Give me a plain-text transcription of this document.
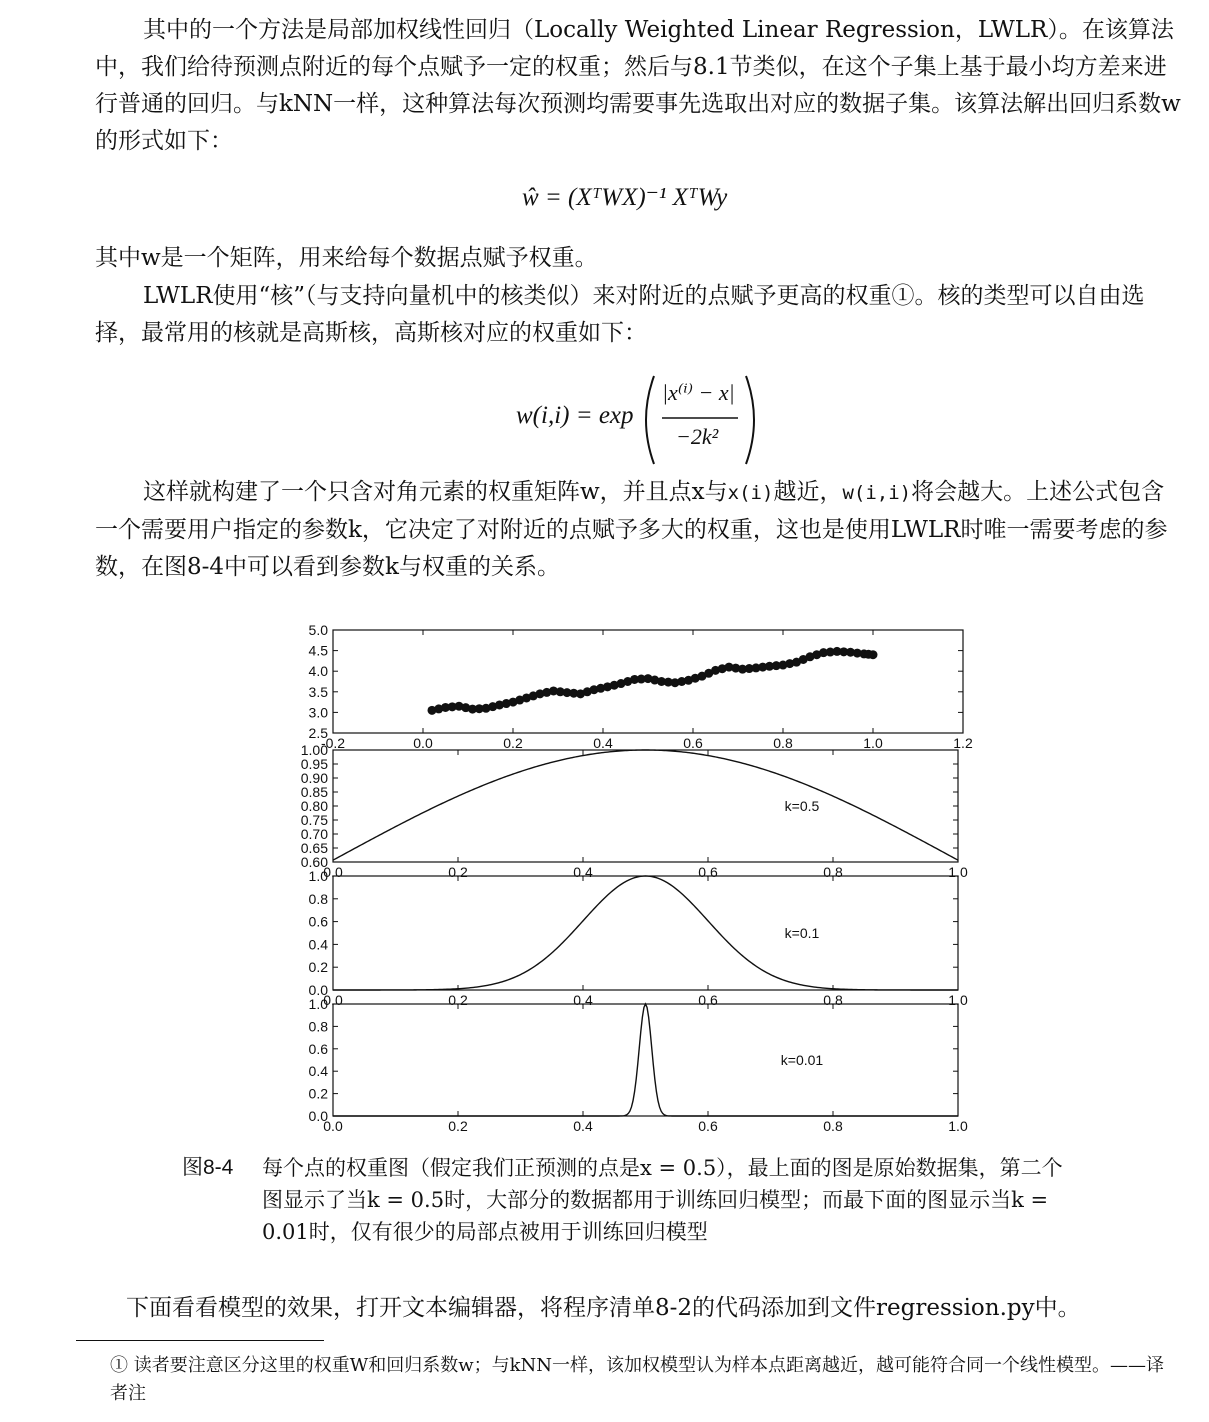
其中的一个方法是局部加权线性回归（Locally Weighted Linear Regression，LWLR）。在该算法中，我们给待预测点附近的每个点赋予一定的权重；然后与8.1节类似，在这个子集上基于最小均方差来进行普通的回归。与kNN一样，这种算法每次预测均需要事先选取出对应的数据子集。该算法解出回归系数w的形式如下：

ŵ = (XᵀWX)⁻¹ XᵀWy

其中w是一个矩阵，用来给每个数据点赋予权重。

LWLR使用“核”（与支持向量机中的核类似）来对附近的点赋予更高的权重①。核的类型可以自由选择，最常用的核就是高斯核，高斯核对应的权重如下：

w(i,i) = exp
|x⁽ⁱ⁾ − x|
−2k²

这样就构建了一个只含对角元素的权重矩阵w，并且点x与x(i)越近，w(i,i)将会越大。上述公式包含一个需要用户指定的参数k，它决定了对附近的点赋予多大的权重，这也是使用LWLR时唯一需要考虑的参数，在图8-4中可以看到参数k与权重的关系。

-0.2	0.0	0.2	0.4	0.6	0.8	1.0	1.2
2.5
3.0
3.5
4.0
4.5
5.0
0.0	0.2	0.4	0.6	0.8	1.0
0.60
0.65
0.70
0.75
0.80
0.85
0.90
0.95
1.00
k=0.5
0.0	0.2	0.4	0.6	0.8	1.0
0.0
0.2
0.4
0.6
0.8
1.0
k=0.1
0.0	0.2	0.4	0.6	0.8	1.0
0.0
0.2
0.4
0.6
0.8
1.0
k=0.01
图8-4 每个点的权重图（假定我们正预测的点是x = 0.5），最上面的图是原始数据集，第二个图显示了当k = 0.5时，大部分的数据都用于训练回归模型；而最下面的图显示当k = 0.01时，仅有很少的局部点被用于训练回归模型

下面看看模型的效果，打开文本编辑器，将程序清单8-2的代码添加到文件regression.py中。

① 读者要注意区分这里的权重W和回归系数w；与kNN一样，该加权模型认为样本点距离越近，越可能符合同一个线性模型。——译者注
